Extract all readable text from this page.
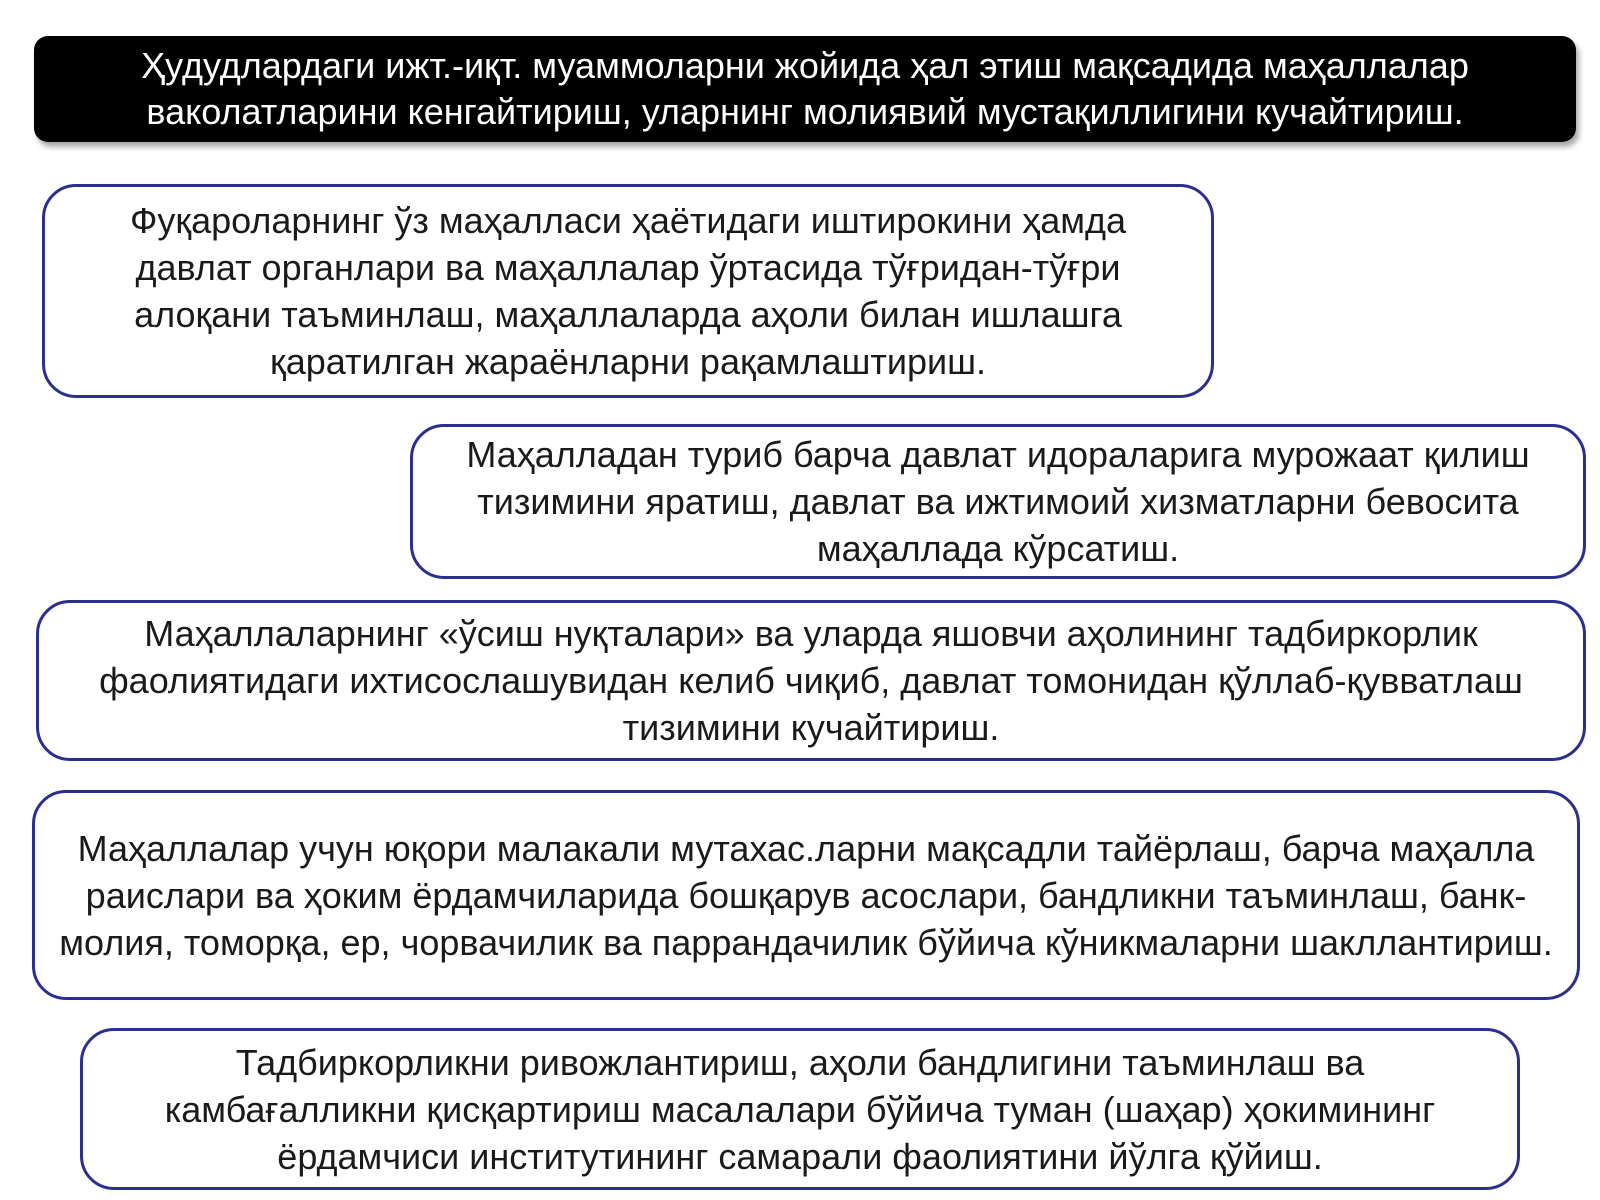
Ҳудудлардаги ижт.-иқт. муаммоларни жойида ҳал этиш мақсадида маҳаллалар ваколатларини кенгайтириш, уларнинг молиявий мустақиллигини кучайтириш.

Фуқароларнинг ўз маҳалласи ҳаётидаги иштирокини ҳамда давлат органлари ва маҳаллалар ўртасида тўғридан-тўғри алоқани таъминлаш, маҳаллаларда аҳоли билан ишлашга қаратилган жараёнларни рақамлаштириш.

Маҳалладан туриб барча давлат идораларига мурожаат қилиш тизимини яратиш, давлат ва ижтимоий хизматларни бевосита маҳаллада кўрсатиш.

Маҳаллаларнинг «ўсиш нуқталари» ва уларда яшовчи аҳолининг тадбиркорлик фаолиятидаги ихтисослашувидан келиб чиқиб, давлат томонидан қўллаб-қувватлаш тизимини кучайтириш.

Маҳаллалар учун юқори малакали мутахас.ларни мақсадли тайёрлаш, барча маҳалла раислари ва ҳоким ёрдамчиларида бошқарув асослари, бандликни таъминлаш, банк-молия, томорқа, ер, чорвачилик ва паррандачилик бўйича кўникмаларни шакллантириш.

Тадбиркорликни ривожлантириш, аҳоли бандлигини таъминлаш ва камбағалликни қисқартириш масалалари бўйича туман (шаҳар) ҳокимининг ёрдамчиси институтининг самарали фаолиятини йўлга қўйиш.
